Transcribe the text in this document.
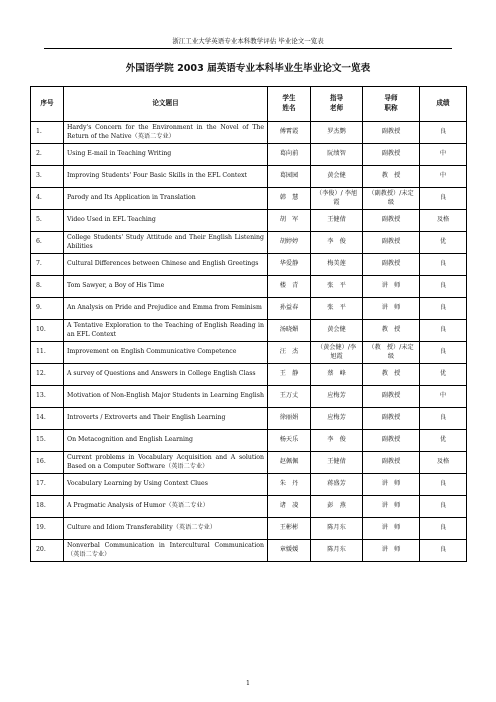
浙江工业大学英语专业本科教学评估 毕业论文一览表
外国语学院 2003 届英语专业本科毕业生毕业论文一览表
序号	论文题目	学生姓名	指导老师	导师职称	成绩
1.	Hardy's Concern for the Environment in the Novel of The Return of the Native（英语二专业）	傅霄霞	罗杰鹦	副教授	良
2.	Using E-mail in Teaching Writing	葛向前	阮绩智	副教授	中
3.	Improving Students' Four Basic Skills in the EFL Context	葛园园	黄会健	教　授	中
4.	Parody and Its Application in Translation	韩　慧	（李俊）/ 李旭霞	（副教授）/未定级	良
5.	Video Used in EFL Teaching	胡　军	王健倩	副教授	及格
6.	College Students' Study Attitude and Their English Listening Abilities	胡婷婷	李　俊	副教授	优
7.	Cultural Differences between Chinese and English Greetings	华爱静	梅美莲	副教授	良
8.	Tom Sawyer, a Boy of His Time	楼　青	张　平	讲　师	良
9.	An Analysis on Pride and Prejudice and Emma from Feminism	孙益春	张　平	讲　师	良
10.	A Tentative Exploration to the Teaching of English Reading in an EFL Context	汤晓媚	黄会健	教　授	良
11.	Improvement on English Communicative Competence	汪　杰	（黄会健）/李旭霞	（教　授）/未定级	良
12.	A survey of Questions and Answers in College English Class	王　静	蔡　峰	教　授	优
13.	Motivation of Non-English Major Students in Learning English	王万丈	应梅芳	副教授	中
14.	Introverts / Extroverts and Their English Learning	徐丽娟	应梅芳	副教授	良
15.	On Metacognition and English Learning	杨天乐	李　俊	副教授	优
16.	Current problems in Vocabulary Acquisition and A solution Based on a Computer Software（英语二专业）	赵佩佩	王健倩	副教授	及格
17.	Vocabulary Learning by Using Context Clues	朱　丹	蒋盛芳	讲　师	良
18.	A Pragmatic Analysis of Humor（英语二专业）	诸　凌	彭　燕	讲　师	良
19.	Culture and Idiom Transferability（英语二专业）	王彬彬	陈月东	讲　师	良
20.	Nonverbal Communication in Intercultural Communication（英语二专业）	章媛媛	陈月东	讲　师	良
1
